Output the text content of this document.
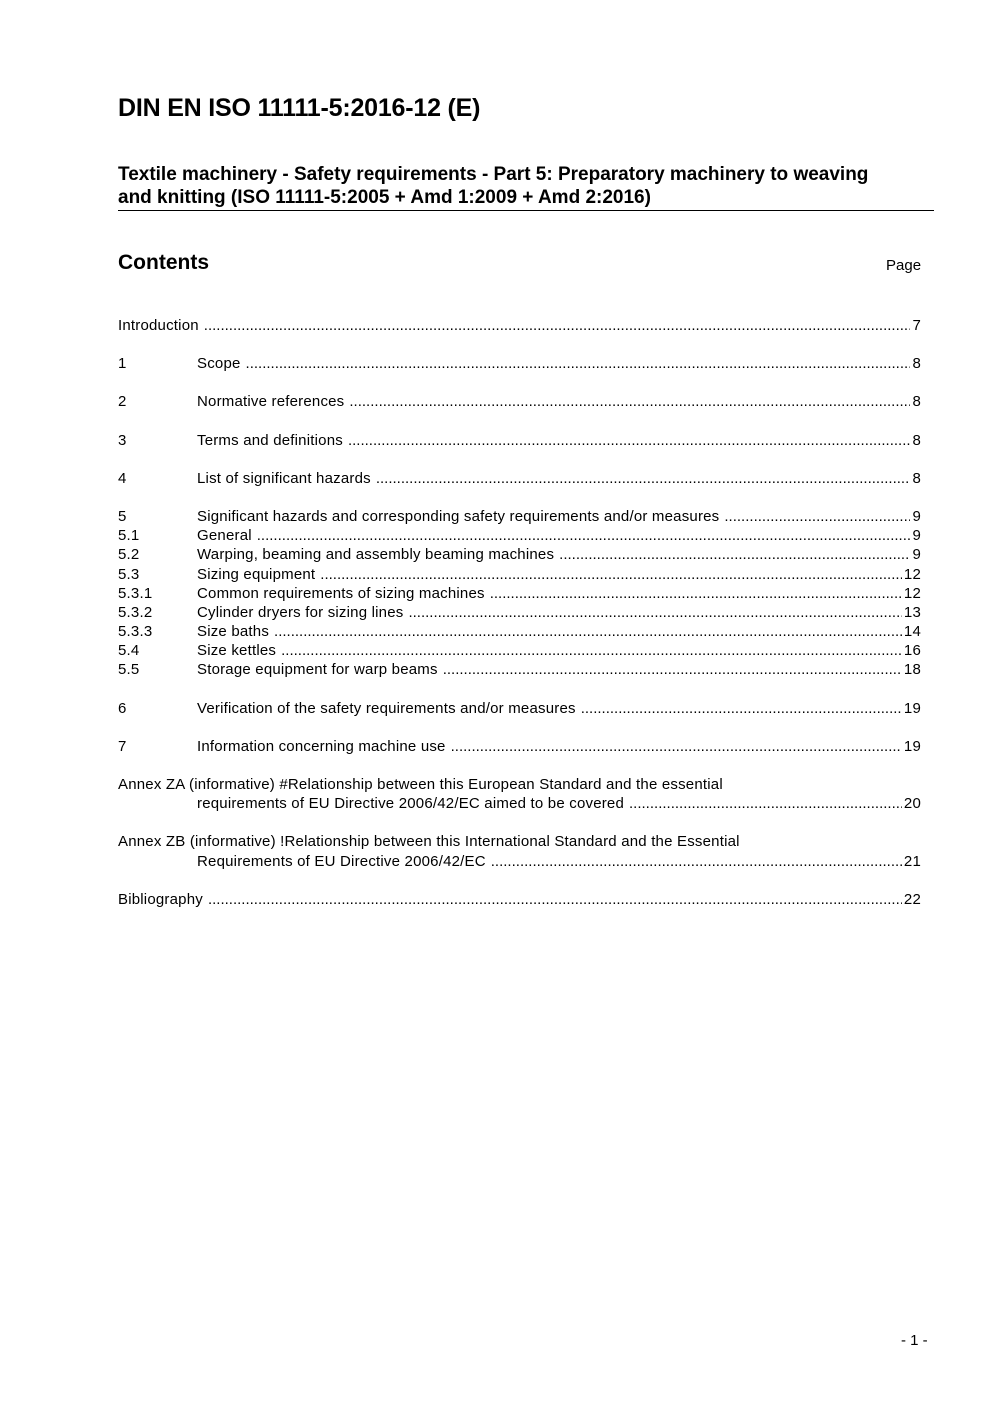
DIN EN ISO 11111-5:2016-12 (E)
Textile machinery - Safety requirements - Part 5: Preparatory machinery to weaving
and knitting (ISO 11111-5:2005 + Amd 1:2009 + Amd 2:2016)
Contents	Page
Introduction .....	7
1	Scope .....	8
2	Normative references .....	8
3	Terms and definitions .....	8
4	List of significant hazards .....	8
5	Significant hazards and corresponding safety requirements and/or measures .....	9
5.1	General .....	9
5.2	Warping, beaming and assembly beaming machines .....	9
5.3	Sizing equipment .....	12
5.3.1	Common requirements of sizing machines .....	12
5.3.2	Cylinder dryers for sizing lines .....	13
5.3.3	Size baths .....	14
5.4	Size kettles .....	16
5.5	Storage equipment for warp beams .....	18
6	Verification of the safety requirements and/or measures .....	19
7	Information concerning machine use .....	19
Annex ZA (informative) #Relationship between this European Standard and the essential
requirements of EU Directive 2006/42/EC aimed to be covered .....	20
Annex ZB (informative) !Relationship between this International Standard and the Essential
Requirements of EU Directive 2006/42/EC .....	21
Bibliography .....	22
- 1 -
